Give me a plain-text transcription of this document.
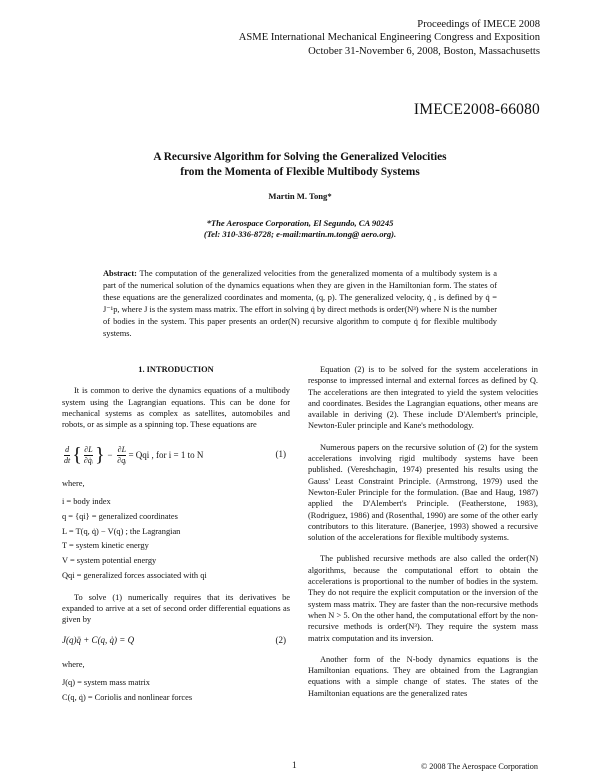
Proceedings of IMECE 2008
ASME International Mechanical Engineering Congress and Exposition
October 31-November 6, 2008, Boston, Massachusetts
IMECE2008-66080
A Recursive Algorithm for Solving the Generalized Velocities
from the Momenta of Flexible Multibody Systems
Martin M. Tong*
*The Aerospace Corporation, El Segundo, CA 90245
(Tel: 310-336-8728; e-mail:martin.m.tong@ aero.org).
Abstract: The computation of the generalized velocities from the generalized momenta of a multibody system is a part of the numerical solution of the dynamics equations when they are given in the Hamiltonian form. The states of these equations are the generalized coordinates and momenta, (q, p). The generalized velocity, q̇ , is defined by q̇ = J⁻¹p, where J is the system mass matrix. The effort in solving q̇ by direct methods is order(N³) where N is the number of bodies in the system. This paper presents an order(N) recursive algorithm to compute q̇ for flexible multibody systems.
1. INTRODUCTION

It is common to derive the dynamics equations of a multibody system using the Lagrangian equations. This can be done for mechanical systems as complex as satellites, automobiles and robots, or as simple as a spinning top. These equations are

$\frac{d}{dt}$ { $\frac{\partial L}{\text{∂q̇ᵢ}}$ } − $\frac{\partial L}{\text{∂qᵢ}}$ = Qqi , for i = 1 to N	(1)
where,
i = body index
q = {qi} = generalized coordinates
L = T(q, q̇) − V(q) ; the Lagrangian
T = system kinetic energy
V = system potential energy
Qqi = generalized forces associated with qi

To solve (1) numerically requires that its derivatives be expanded to arrive at a set of second order differential equations as given by

J(q)q̈ + C(q, q̇) = Q	(2)
where,
J(q) = system mass matrix
C(q, q̇) = Coriolis and nonlinear forces

Equation (2) is to be solved for the system accelerations in response to impressed internal and external forces as defined by Q. The accelerations are then integrated to yield the system velocities and coordinates. Besides the Lagrangian equations, other means are available in deriving (2). These include D'Alembert's principle, Newton-Euler principle and Kane's methodology.

Numerous papers on the recursive solution of (2) for the system accelerations involving rigid multibody systems have been published. (Vereshchagin, 1974) presented his results using the Gauss' Least Constraint Principle. (Armstrong, 1979) used the Newton-Euler Principle for the formulation. (Bae and Haug, 1987) applied the D'Alembert's Principle. (Featherstone, 1983), (Rodriguez, 1986) and (Rosenthal, 1990) are some of the other early contributors to this literature. (Banerjee, 1993) showed a recursive solution of the accelerations for flexible multibody systems.

The published recursive methods are also called the order(N) algorithms, because the computational effort to obtain the accelerations is proportional to the number of bodies in the system. They do not require the explicit computation or the inversion of the system mass matrix. They are faster than the non-recursive methods when N > 5. On the other hand, the computational effort by the non-recursive methods is order(N³). They require the system mass matrix computation and its inversion.

Another form of the N-body dynamics equations is the Hamiltonian equations. They are obtained from the Lagrangian equations with a simple change of states. The states of the Hamiltonian equations are the generalized rates

1	© 2008 The Aerospace Corporation
